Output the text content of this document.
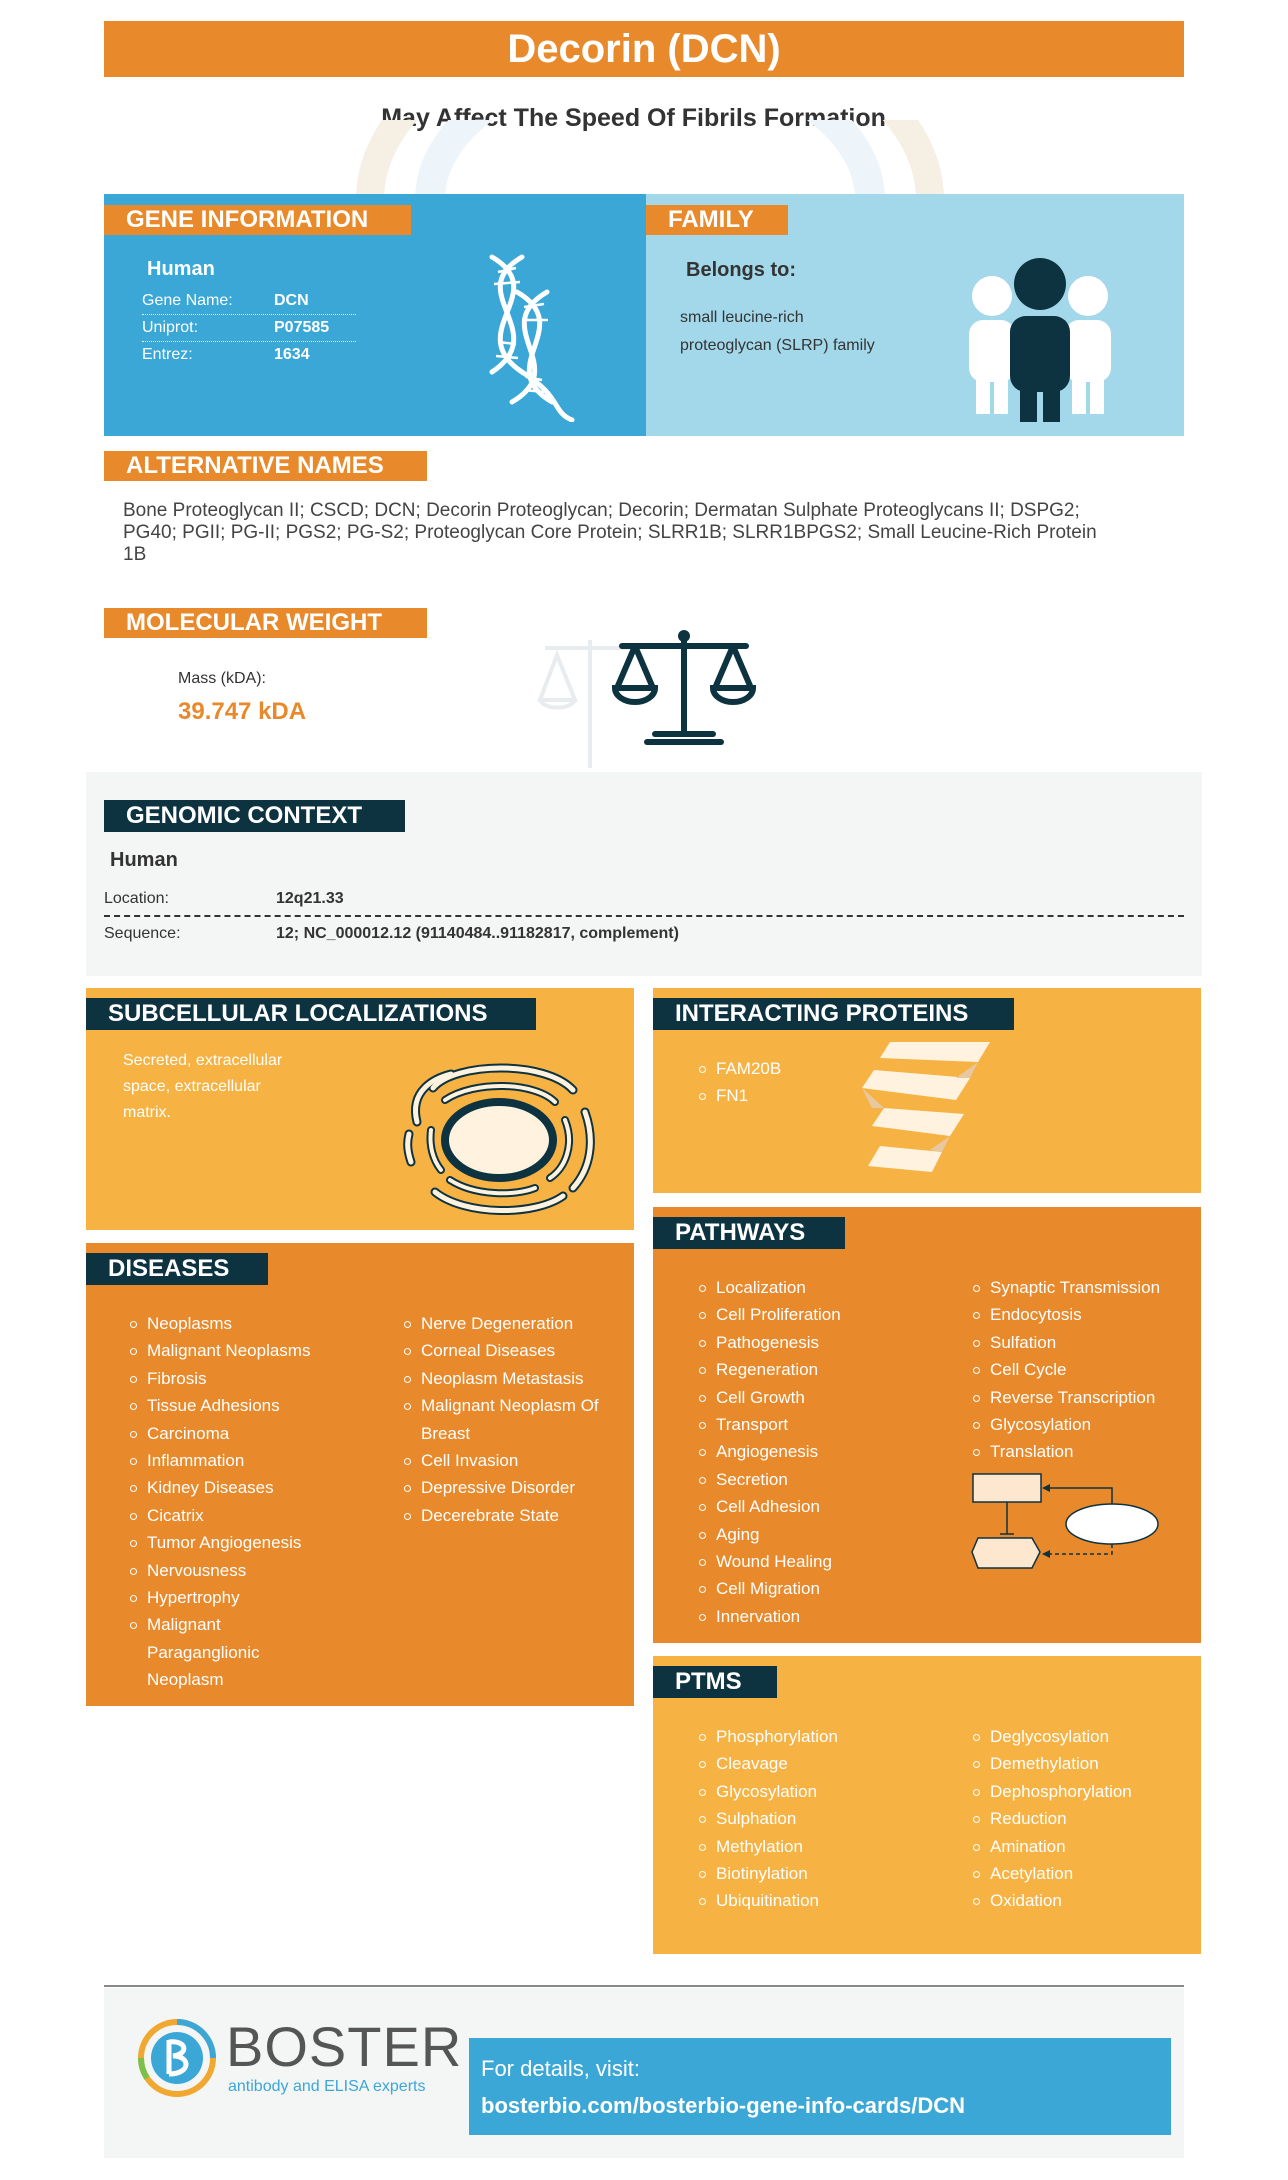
Decorin (DCN)
May Affect The Speed Of Fibrils Formation. .
GENE INFORMATION
Human
Gene Name:	DCN
Uniprot:	P07585
Entrez:	1634
FAMILY
Belongs to:
small leucine-rich
proteoglycan (SLRP) family
ALTERNATIVE NAMES
Bone Proteoglycan II; CSCD; DCN; Decorin Proteoglycan; Decorin; Dermatan Sulphate Proteoglycans II; DSPG2;
PG40; PGII; PG-II; PGS2; PG-S2; Proteoglycan Core Protein; SLRR1B; SLRR1BPGS2; Small Leucine-Rich Protein
1B
MOLECULAR WEIGHT
Mass (kDA):
39.747 kDA
GENOMIC CONTEXT
Human
Location:	12q21.33
Sequence:	12; NC_000012.12 (91140484..91182817, complement)
SUBCELLULAR LOCALIZATIONS
Secreted, extracellular
space, extracellular
matrix.
INTERACTING PROTEINS
FAM20B
FN1
DISEASES
Neoplasms
Malignant Neoplasms
Fibrosis
Tissue Adhesions
Carcinoma
Inflammation
Kidney Diseases
Cicatrix
Tumor Angiogenesis
Nervousness
Hypertrophy
Malignant
Paraganglionic
Neoplasm
Nerve Degeneration
Corneal Diseases
Neoplasm Metastasis
Malignant Neoplasm Of
Breast
Cell Invasion
Depressive Disorder
Decerebrate State
PATHWAYS
Localization
Cell Proliferation
Pathogenesis
Regeneration
Cell Growth
Transport
Angiogenesis
Secretion
Cell Adhesion
Aging
Wound Healing
Cell Migration
Innervation
Synaptic Transmission
Endocytosis
Sulfation
Cell Cycle
Reverse Transcription
Glycosylation
Translation
PTMS
Phosphorylation
Cleavage
Glycosylation
Sulphation
Methylation
Biotinylation
Ubiquitination
Deglycosylation
Demethylation
Dephosphorylation
Reduction
Amination
Acetylation
Oxidation
BOSTER
antibody and ELISA experts
For details, visit:
bosterbio.com/bosterbio-gene-info-cards/DCN
